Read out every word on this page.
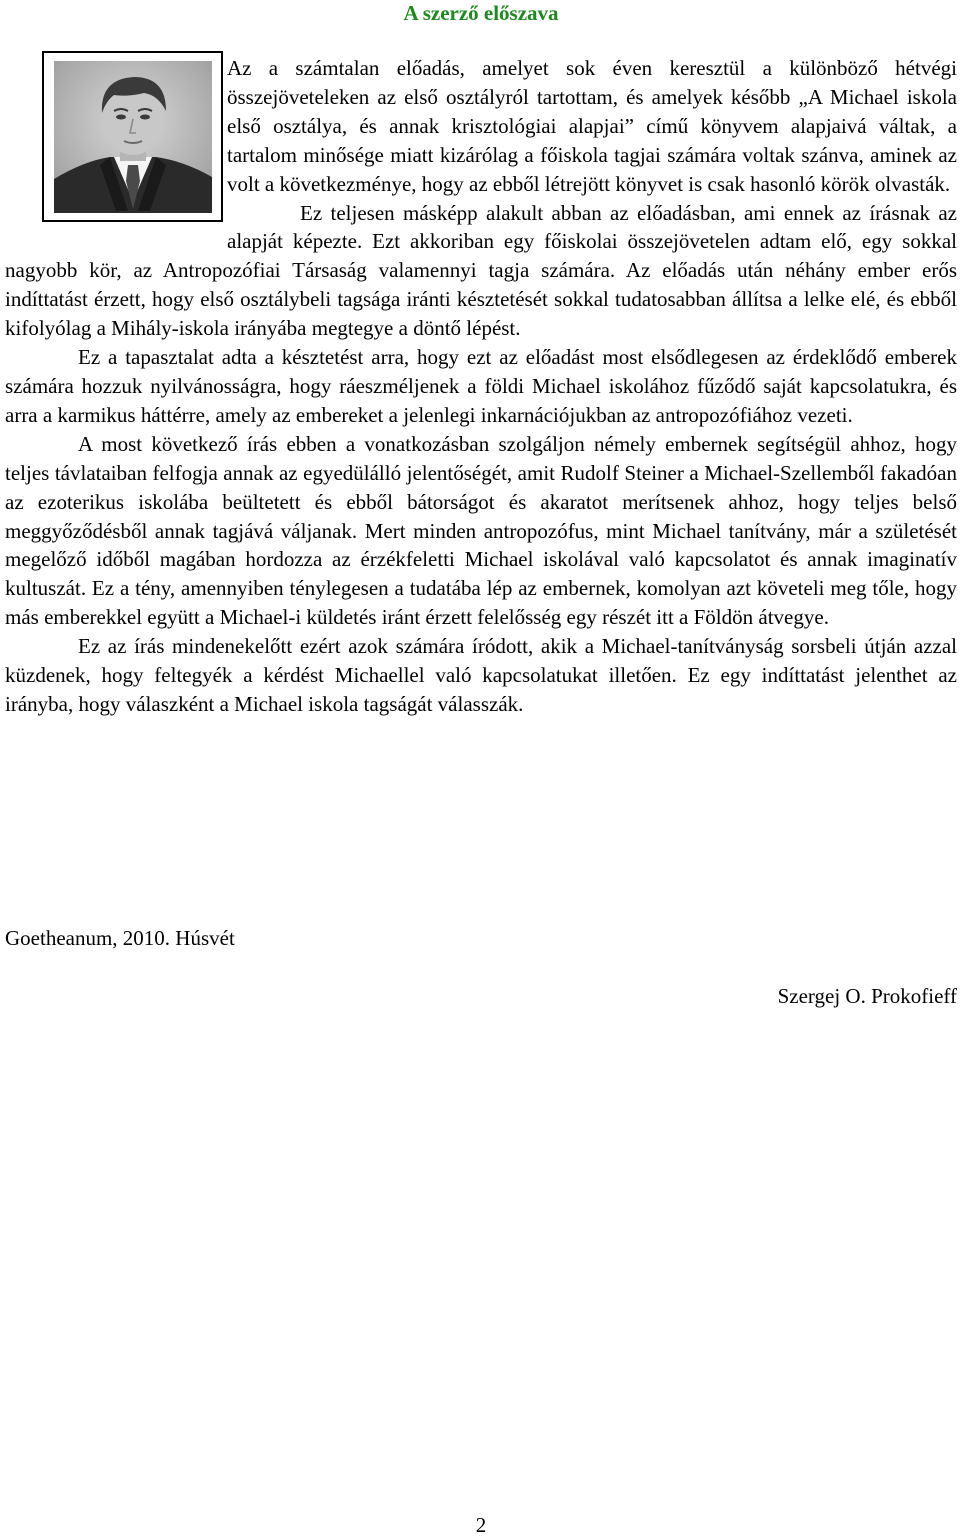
A szerző előszava

Az a számtalan előadás, amelyet sok éven keresztül a különböző hétvégi összejöveteleken az első osztályról tartottam, és amelyek később „A Michael iskola első osztálya, és annak krisztológiai alapjai” című könyvem alapjaivá váltak, a tartalom minősége miatt kizárólag a főiskola tagjai számára voltak szánva, aminek az volt a következménye, hogy az ebből létrejött könyvet is csak hasonló körök olvasták.

Ez teljesen másképp alakult abban az előadásban, ami ennek az írásnak az alapját képezte. Ezt akkoriban egy főiskolai összejövetelen adtam elő, egy sokkal nagyobb kör, az Antropozófiai Társaság valamennyi tagja számára. Az előadás után néhány ember erős indíttatást érzett, hogy első osztálybeli tagsága iránti késztetését sokkal tudatosabban állítsa a lelke elé, és ebből kifolyólag a Mihály-iskola irányába megtegye a döntő lépést.

Ez a tapasztalat adta a késztetést arra, hogy ezt az előadást most elsődlegesen az érdeklődő emberek számára hozzuk nyilvánosságra, hogy ráeszméljenek a földi Michael iskolához fűződő saját kapcsolatukra, és arra a karmikus háttérre, amely az embereket a jelenlegi inkarnációjukban az antropozófiához vezeti.

A most következő írás ebben a vonatkozásban szolgáljon némely embernek segítségül ahhoz, hogy teljes távlataiban felfogja annak az egyedülálló jelentőségét, amit Rudolf Steiner a Michael-Szellemből fakadóan az ezoterikus iskolába beültetett és ebből bátorságot és akaratot merítsenek ahhoz, hogy teljes belső meggyőződésből annak tagjává váljanak. Mert minden antropozófus, mint Michael tanítvány, már a születését megelőző időből magában hordozza az érzékfeletti Michael iskolával való kapcsolatot és annak imaginatív kultuszát. Ez a tény, amennyiben ténylegesen a tudatába lép az embernek, komolyan azt követeli meg tőle, hogy más emberekkel együtt a Michael-i küldetés iránt érzett felelősség egy részét itt a Földön átvegye.

Ez az írás mindenekelőtt ezért azok számára íródott, akik a Michael-tanítványság sorsbeli útján azzal küzdenek, hogy feltegyék a kérdést Michaellel való kapcsolatukat illetően. Ez egy indíttatást jelenthet az irányba, hogy válaszként a Michael iskola tagságát válasszák.

Goetheanum, 2010. Húsvét
Szergej O. Prokofieff
2
